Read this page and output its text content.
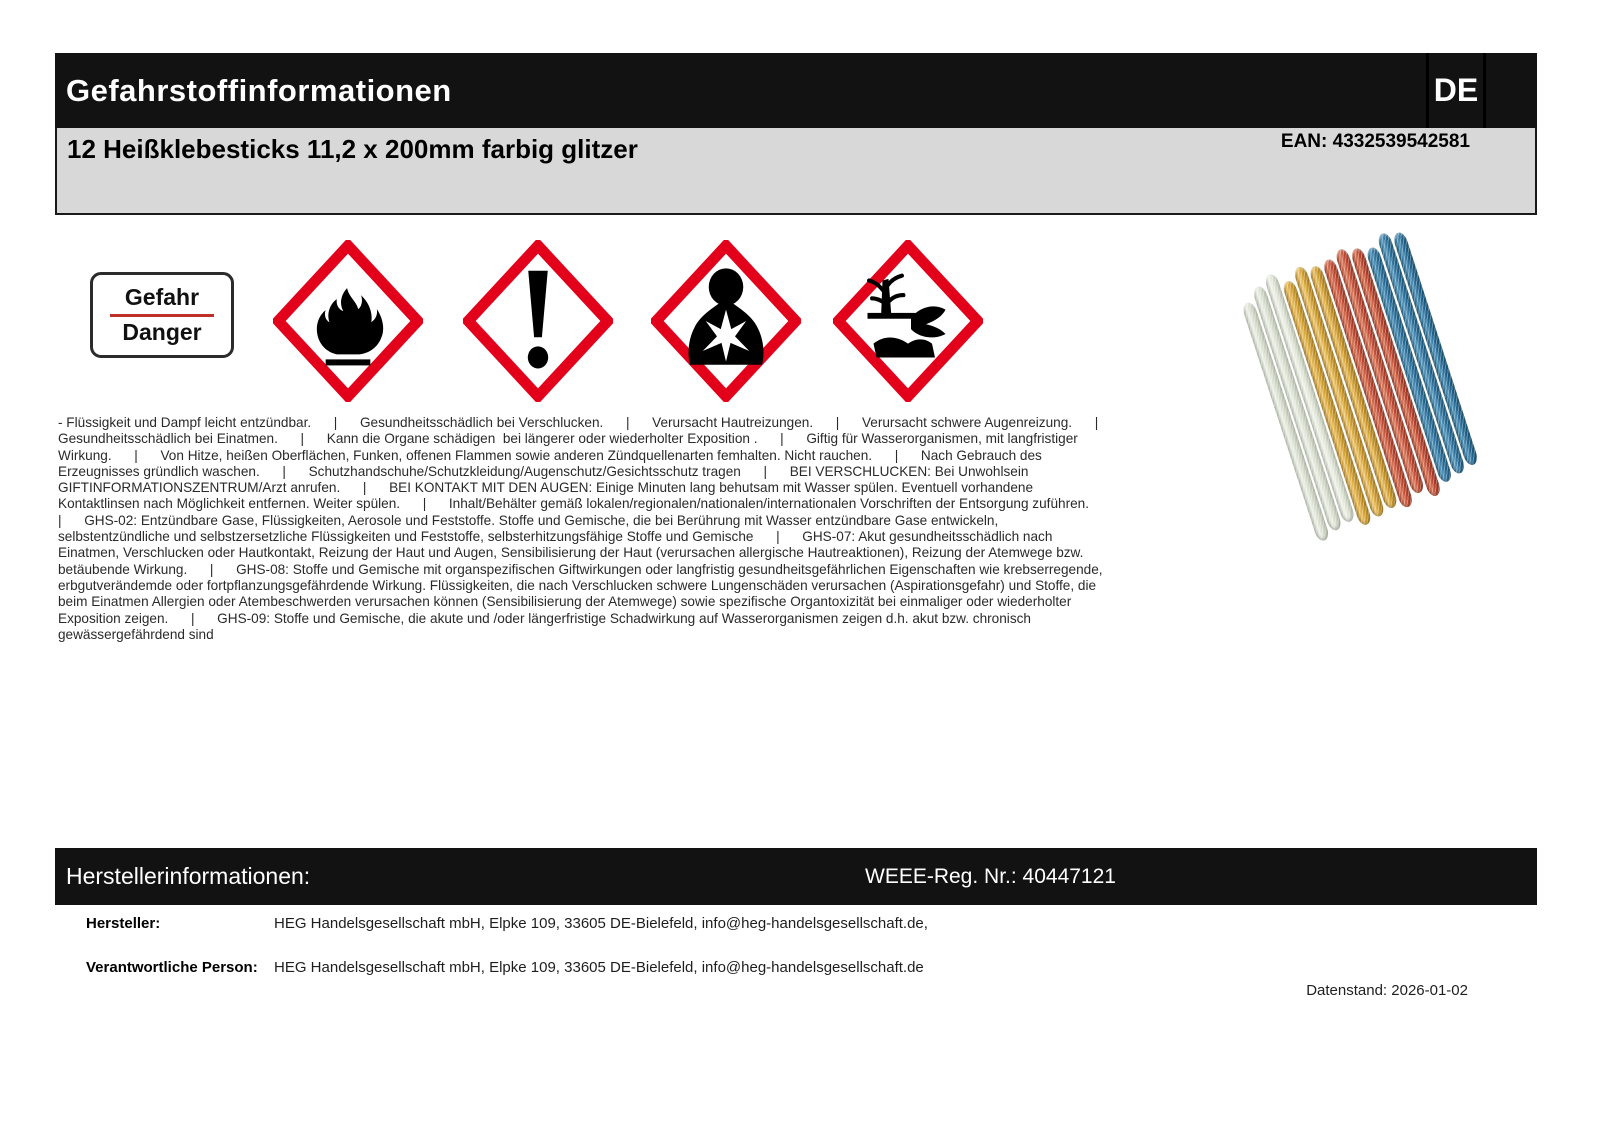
Gefahrstoffinformationen	DE
12 Heißklebesticks 11,2 x 200mm farbig glitzer	EAN: 4332539542581
Gefahr
Danger
- Flüssigkeit und Dampf leicht entzündbar.      |      Gesundheitsschädlich bei Verschlucken.      |      Verursacht Hautreizungen.      |      Verursacht schwere Augenreizung.      |      Gesundheitsschädlich bei Einatmen.      |      Kann die Organe schädigen  bei längerer oder wiederholter Exposition .      |      Giftig für Wasserorganismen, mit langfristiger Wirkung.      |      Von Hitze, heißen Oberflächen, Funken, offenen Flammen sowie anderen Zündquellenarten femhalten. Nicht rauchen.      |      Nach Gebrauch des Erzeugnisses gründlich waschen.      |      Schutzhandschuhe/Schutzkleidung/Augenschutz/Gesichtsschutz tragen      |      BEI VERSCHLUCKEN: Bei Unwohlsein GIFTINFORMATIONSZENTRUM/Arzt anrufen.      |      BEI KONTAKT MIT DEN AUGEN: Einige Minuten lang behutsam mit Wasser spülen. Eventuell vorhandene Kontaktlinsen nach Möglichkeit entfernen. Weiter spülen.      |      Inhalt/Behälter gemäß lokalen/regionalen/nationalen/internationalen Vorschriften der Entsorgung zuführen.      |      GHS-02: Entzündbare Gase, Flüssigkeiten, Aerosole und Feststoffe. Stoffe und Gemische, die bei Berührung mit Wasser entzündbare Gase entwickeln, selbstentzündliche und selbstzersetzliche Flüssigkeiten und Feststoffe, selbsterhitzungsfähige Stoffe und Gemische      |      GHS-07: Akut gesundheitsschädlich nach Einatmen, Verschlucken oder Hautkontakt, Reizung der Haut und Augen, Sensibilisierung der Haut (verursachen allergische Hautreaktionen), Reizung der Atemwege bzw. betäubende Wirkung.      |      GHS-08: Stoffe und Gemische mit organspezifischen Giftwirkungen oder langfristig gesundheitsgefährlichen Eigenschaften wie krebserregende, erbgutverändemde oder fortpflanzungsgefährdende Wirkung. Flüssigkeiten, die nach Verschlucken schwere Lungenschäden verursachen (Aspirationsgefahr) und Stoffe, die beim Einatmen Allergien oder Atembeschwerden verursachen können (Sensibilisierung der Atemwege) sowie spezifische Organtoxizität bei einmaliger oder wiederholter Exposition zeigen.      |      GHS-09: Stoffe und Gemische, die akute und /oder längerfristige Schadwirkung auf Wasserorganismen zeigen d.h. akut bzw. chronisch gewässergefährdend sind
Herstellerinformationen:	WEEE-Reg. Nr.: 40447121
Hersteller:	HEG Handelsgesellschaft mbH, Elpke 109, 33605 DE-Bielefeld, info@heg-handelsgesellschaft.de,
Verantwortliche Person: HEG Handelsgesellschaft mbH, Elpke 109, 33605 DE-Bielefeld, info@heg-handelsgesellschaft.de
Datenstand: 2026-01-02
